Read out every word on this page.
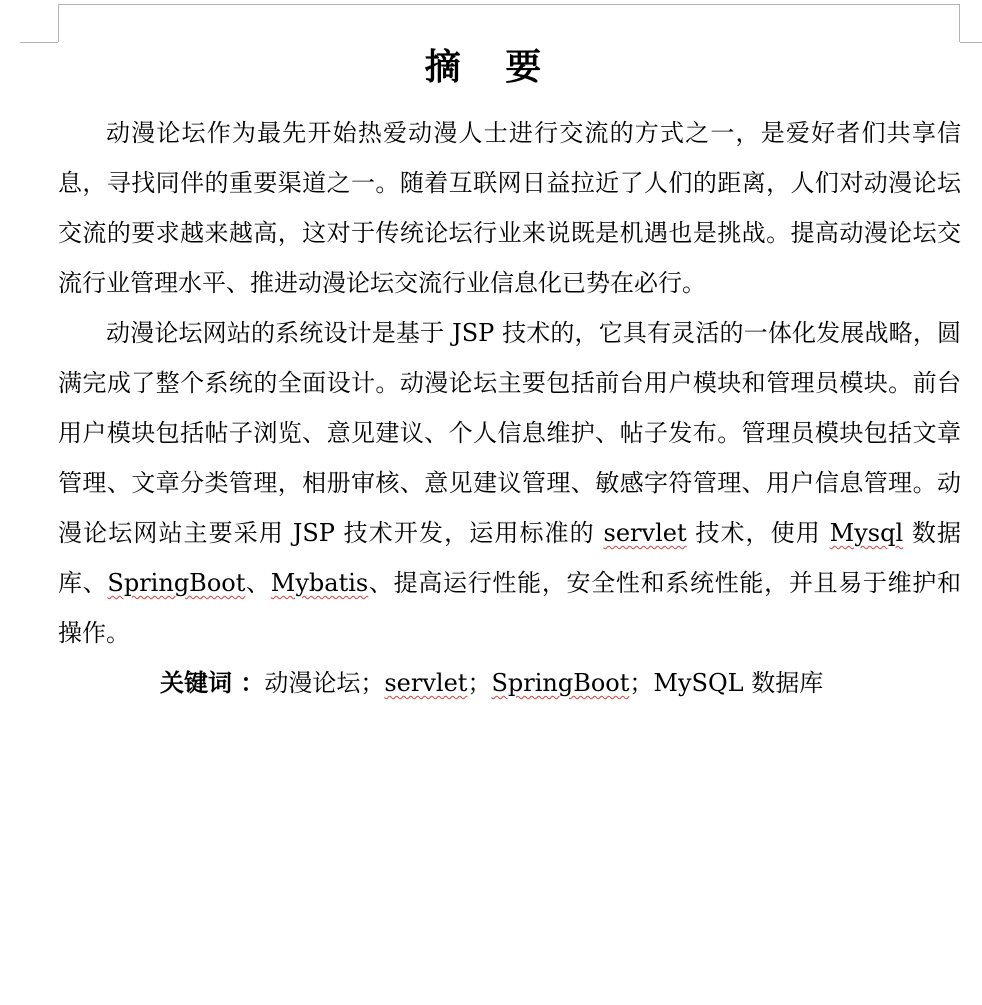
摘 要

动漫论坛作为最先开始热爱动漫人士进行交流的方式之一，是爱好者们共享信息，寻找同伴的重要渠道之一。随着互联网日益拉近了人们的距离，人们对动漫论坛交流的要求越来越高，这对于传统论坛行业来说既是机遇也是挑战。提高动漫论坛交流行业管理水平、推进动漫论坛交流行业信息化已势在必行。

动漫论坛网站的系统设计是基于 JSP 技术的，它具有灵活的一体化发展战略，圆满完成了整个系统的全面设计。动漫论坛主要包括前台用户模块和管理员模块。前台用户模块包括帖子浏览、意见建议、个人信息维护、帖子发布。管理员模块包括文章管理、文章分类管理，相册审核、意见建议管理、敏感字符管理、用户信息管理。动漫论坛网站主要采用 JSP 技术开发，运用标准的 servlet 技术，使用 Mysql 数据库、SpringBoot、Mybatis、提高运行性能，安全性和系统性能，并且易于维护和操作。

关键词 ：动漫论坛；servlet；SpringBoot；MySQL 数据库
